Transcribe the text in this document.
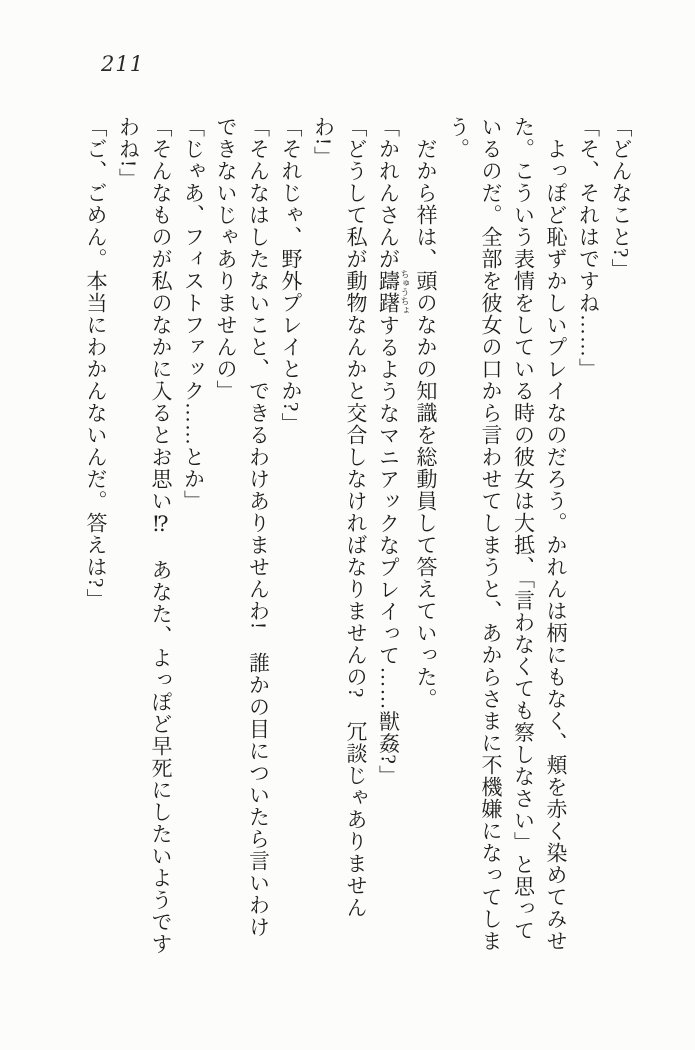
211
「どんなこと?」
「そ、それはですね……」
　よっぽど恥ずかしいプレイなのだろう。かれんは柄にもなく、頬を赤く染めてみせ
た。こういう表情をしている時の彼女は大抵、「言わなくても察しなさい」と思って
いるのだ。全部を彼女の口から言わせてしまうと、あからさまに不機嫌になってしま
う。
　だから祥は、頭のなかの知識を総動員して答えていった。
「かれんさんが躊躇 ちゅうちょするようなマニアックなプレイって……獣姦?」
「どうして私が動物なんかと交合しなければなりませんの?　冗談じゃありません
わ!」
「それじゃ、野外プレイとか?」
「そんなはしたないこと、できるわけありませんわ!　誰かの目についたら言いわけ
できないじゃありませんの」
「じゃあ、フィストファック……とか」
「そんなものが私のなかに入るとお思い⁉　あなた、よっぽど早死にしたいようです
わね!」
「ご、ごめん。本当にわかんないんだ。答えは?」
